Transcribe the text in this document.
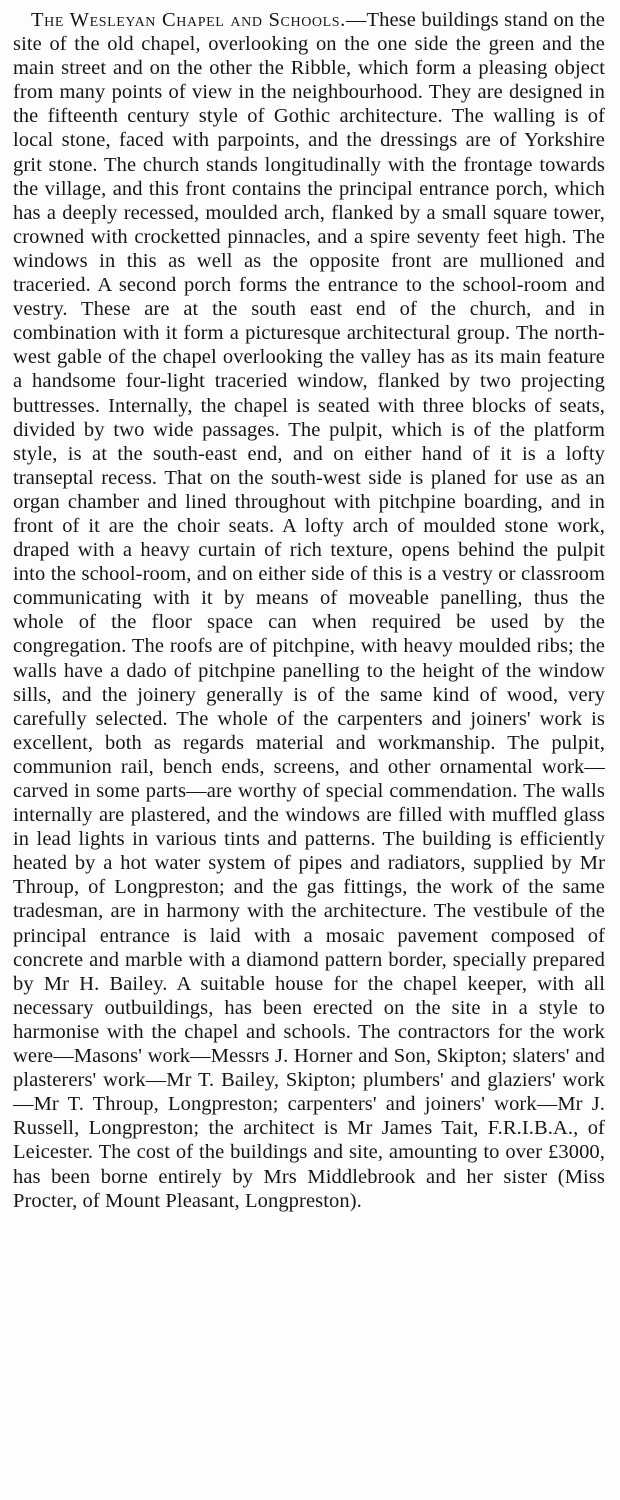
The Wesleyan Chapel and Schools.—These buildings stand on the site of the old chapel, overlooking on the one side the green and the main street and on the other the Ribble, which form a pleasing object from many points of view in the neighbourhood. They are designed in the fifteenth century style of Gothic architecture. The walling is of local stone, faced with parpoints, and the dressings are of Yorkshire grit stone. The church stands longitudinally with the frontage towards the village, and this front contains the principal entrance porch, which has a deeply recessed, moulded arch, flanked by a small square tower, crowned with crocketted pinnacles, and a spire seventy feet high. The windows in this as well as the opposite front are mullioned and traceried. A second porch forms the entrance to the school-room and vestry. These are at the south east end of the church, and in combination with it form a picturesque architectural group. The north-west gable of the chapel overlooking the valley has as its main feature a handsome four-light traceried window, flanked by two projecting buttresses. Internally, the chapel is seated with three blocks of seats, divided by two wide passages. The pulpit, which is of the platform style, is at the south-east end, and on either hand of it is a lofty transeptal recess. That on the south-west side is planed for use as an organ chamber and lined throughout with pitchpine boarding, and in front of it are the choir seats. A lofty arch of moulded stone work, draped with a heavy curtain of rich texture, opens behind the pulpit into the school-room, and on either side of this is a vestry or classroom communicating with it by means of moveable panelling, thus the whole of the floor space can when required be used by the congregation. The roofs are of pitchpine, with heavy moulded ribs; the walls have a dado of pitchpine panelling to the height of the window sills, and the joinery generally is of the same kind of wood, very carefully selected. The whole of the carpenters and joiners' work is excellent, both as regards material and workmanship. The pulpit, communion rail, bench ends, screens, and other ornamental work—carved in some parts—are worthy of special commendation. The walls internally are plastered, and the windows are filled with muffled glass in lead lights in various tints and patterns. The building is efficiently heated by a hot water system of pipes and radiators, supplied by Mr Throup, of Longpreston; and the gas fittings, the work of the same tradesman, are in harmony with the architecture. The vestibule of the principal entrance is laid with a mosaic pavement composed of concrete and marble with a diamond pattern border, specially prepared by Mr H. Bailey. A suitable house for the chapel keeper, with all necessary outbuildings, has been erected on the site in a style to harmonise with the chapel and schools. The contractors for the work were—Masons' work—Messrs J. Horner and Son, Skipton; slaters' and plasterers' work—Mr T. Bailey, Skipton; plumbers' and glaziers' work—Mr T. Throup, Longpreston; carpenters' and joiners' work—Mr J. Russell, Longpreston; the architect is Mr James Tait, F.R.I.B.A., of Leicester. The cost of the buildings and site, amounting to over £3000, has been borne entirely by Mrs Middlebrook and her sister (Miss Procter, of Mount Pleasant, Longpreston).
